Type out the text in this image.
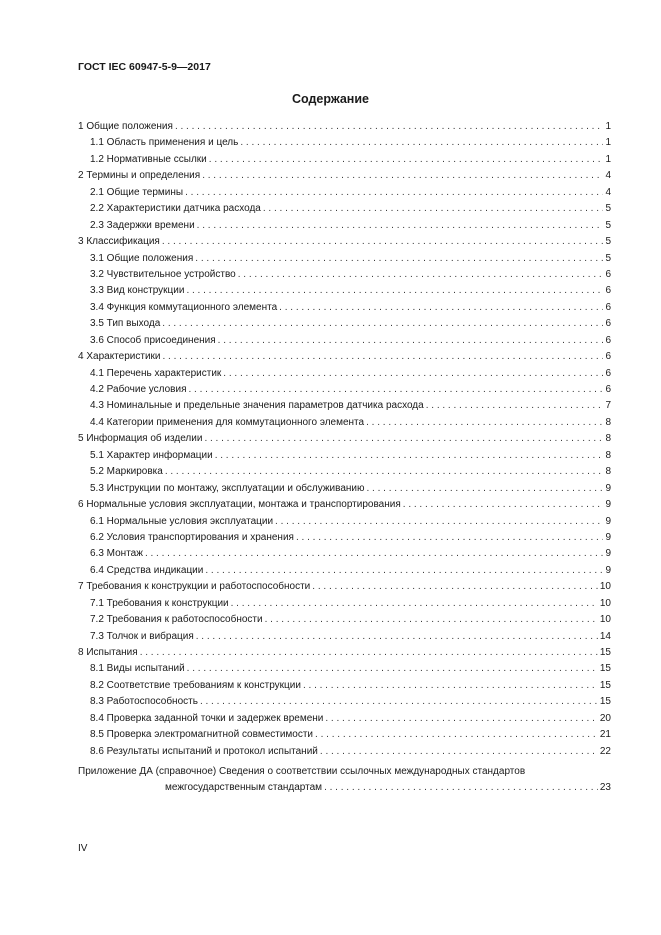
ГОСТ IEC 60947-5-9—2017
Содержание
1 Общие положения . . .	1
1.1 Область применения и цель . . .	1
1.2 Нормативные ссылки . . .	1
2 Термины и определения . . .	4
2.1 Общие термины . . .	4
2.2 Характеристики датчика расхода . . .	5
2.3 Задержки времени . . .	5
3 Классификация . . .	5
3.1 Общие положения . . .	5
3.2 Чувствительное устройство . . .	6
3.3 Вид конструкции . . .	6
3.4 Функция коммутационного элемента . . .	6
3.5 Тип выхода . . .	6
3.6 Способ присоединения . . .	6
4 Характеристики . . .	6
4.1 Перечень характеристик . . .	6
4.2 Рабочие условия . . .	6
4.3 Номинальные и предельные значения параметров датчика расхода . . .	7
4.4 Категории применения для коммутационного элемента . . .	8
5 Информация об изделии . . .	8
5.1 Характер информации . . .	8
5.2 Маркировка . . .	8
5.3 Инструкции по монтажу, эксплуатации и обслуживанию . . .	9
6 Нормальные условия эксплуатации, монтажа и транспортирования . . .	9
6.1 Нормальные условия эксплуатации . . .	9
6.2 Условия транспортирования и хранения . . .	9
6.3 Монтаж . . .	9
6.4 Средства индикации . . .	9
7 Требования к конструкции и работоспособности . . .	10
7.1 Требования к конструкции . . .	10
7.2 Требования к работоспособности . . .	10
7.3 Толчок и вибрация . . .	14
8 Испытания . . .	15
8.1 Виды испытаний . . .	15
8.2 Соответствие требованиям к конструкции . . .	15
8.3 Работоспособность . . .	15
8.4 Проверка заданной точки и задержек времени . . .	20
8.5 Проверка электромагнитной совместимости . . .	21
8.6 Результаты испытаний и протокол испытаний . . .	22
Приложение ДА (справочное) Сведения о соответствии ссылочных международных стандартов
межгосударственным стандартам . . .	23
IV
